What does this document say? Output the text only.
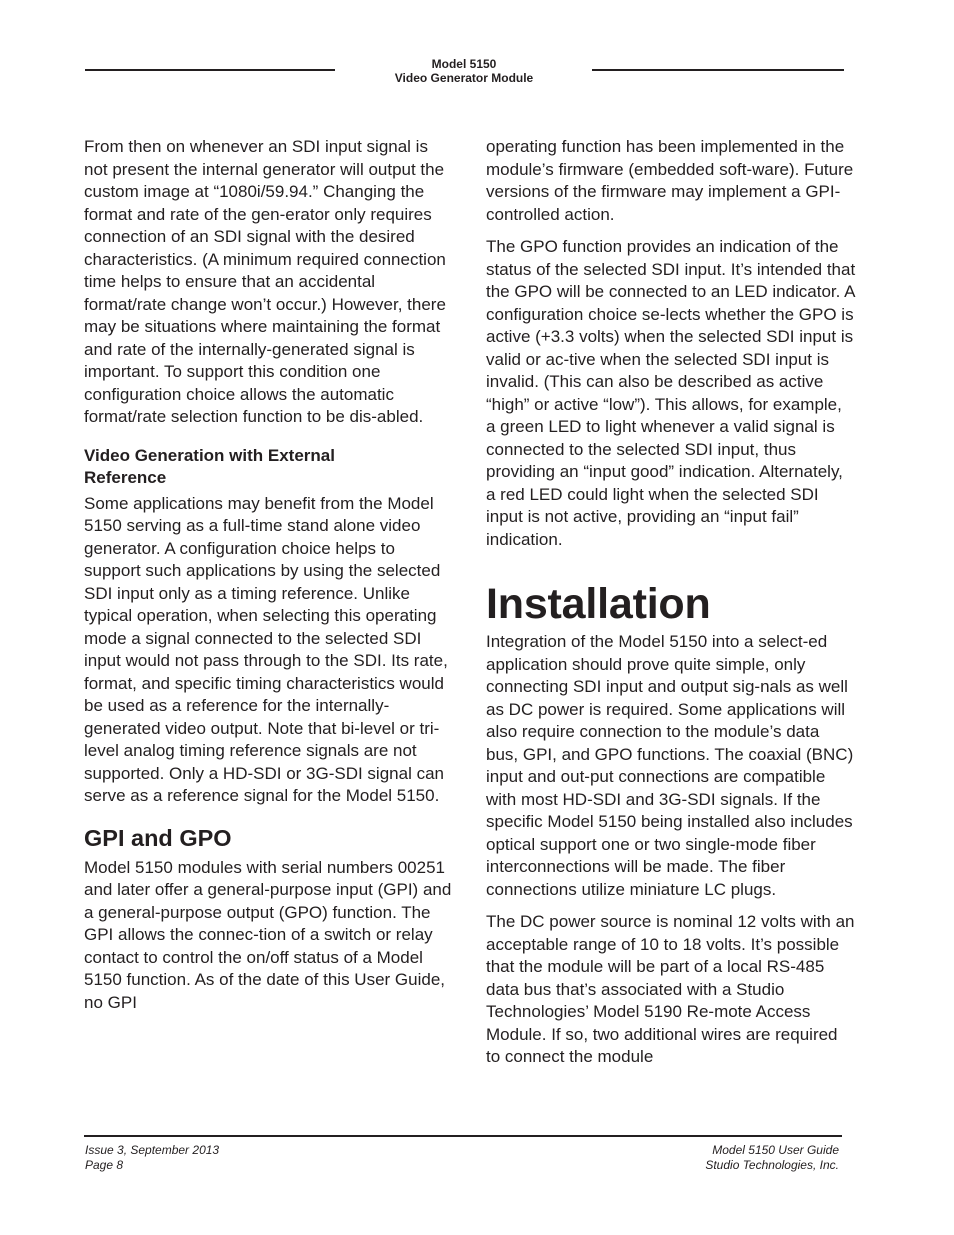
Model 5150
Video Generator Module

From then on whenever an SDI input signal is not present the internal generator will output the custom image at “1080i/59.94.” Changing the format and rate of the gen-erator only requires connection of an SDI signal with the desired characteristics. (A minimum required connection time helps to ensure that an accidental format/rate change won’t occur.) However, there may be situations where maintaining the format and rate of the internally-generated signal is important. To support this condition one configuration choice allows the automatic format/rate selection function to be dis-abled.

Video Generation with External
Reference

Some applications may benefit from the Model 5150 serving as a full-time stand alone video generator. A configuration choice helps to support such applications by using the selected SDI input only as a timing reference. Unlike typical operation, when selecting this operating mode a signal connected to the selected SDI input would not pass through to the SDI. Its rate, format, and specific timing characteristics would be used as a reference for the internally-generated video output. Note that bi-level or tri-level analog timing reference signals are not supported. Only a HD-SDI or 3G-SDI signal can serve as a reference signal for the Model 5150.

GPI and GPO

Model 5150 modules with serial numbers 00251 and later offer a general-purpose input (GPI) and a general-purpose output (GPO) function. The GPI allows the connec-tion of a switch or relay contact to control the on/off status of a Model 5150 function. As of the date of this User Guide, no GPI

operating function has been implemented in the module’s firmware (embedded soft-ware). Future versions of the firmware may implement a GPI-controlled action.

The GPO function provides an indication of the status of the selected SDI input. It’s intended that the GPO will be connected to an LED indicator. A configuration choice se-lects whether the GPO is active (+3.3 volts) when the selected SDI input is valid or ac-tive when the selected SDI input is invalid. (This can also be described as active “high” or active “low”). This allows, for example, a green LED to light whenever a valid signal is connected to the selected SDI input, thus providing an “input good” indication. Alternately, a red LED could light when the selected SDI input is not active, providing an “input fail” indication.

Installation

Integration of the Model 5150 into a select-ed application should prove quite simple, only connecting SDI input and output sig-nals as well as DC power is required. Some applications will also require connection to the module’s data bus, GPI, and GPO functions. The coaxial (BNC) input and out-put connections are compatible with most HD-SDI and 3G-SDI signals. If the specific Model 5150 being installed also includes optical support one or two single-mode fiber interconnections will be made. The fiber connections utilize miniature LC plugs.

The DC power source is nominal 12 volts with an acceptable range of 10 to 18 volts. It’s possible that the module will be part of a local RS-485 data bus that’s associated with a Studio Technologies’ Model 5190 Re-mote Access Module. If so, two additional wires are required to connect the module

Issue 3, September 2013
Page 8
Model 5150 User Guide
Studio Technologies, Inc.
